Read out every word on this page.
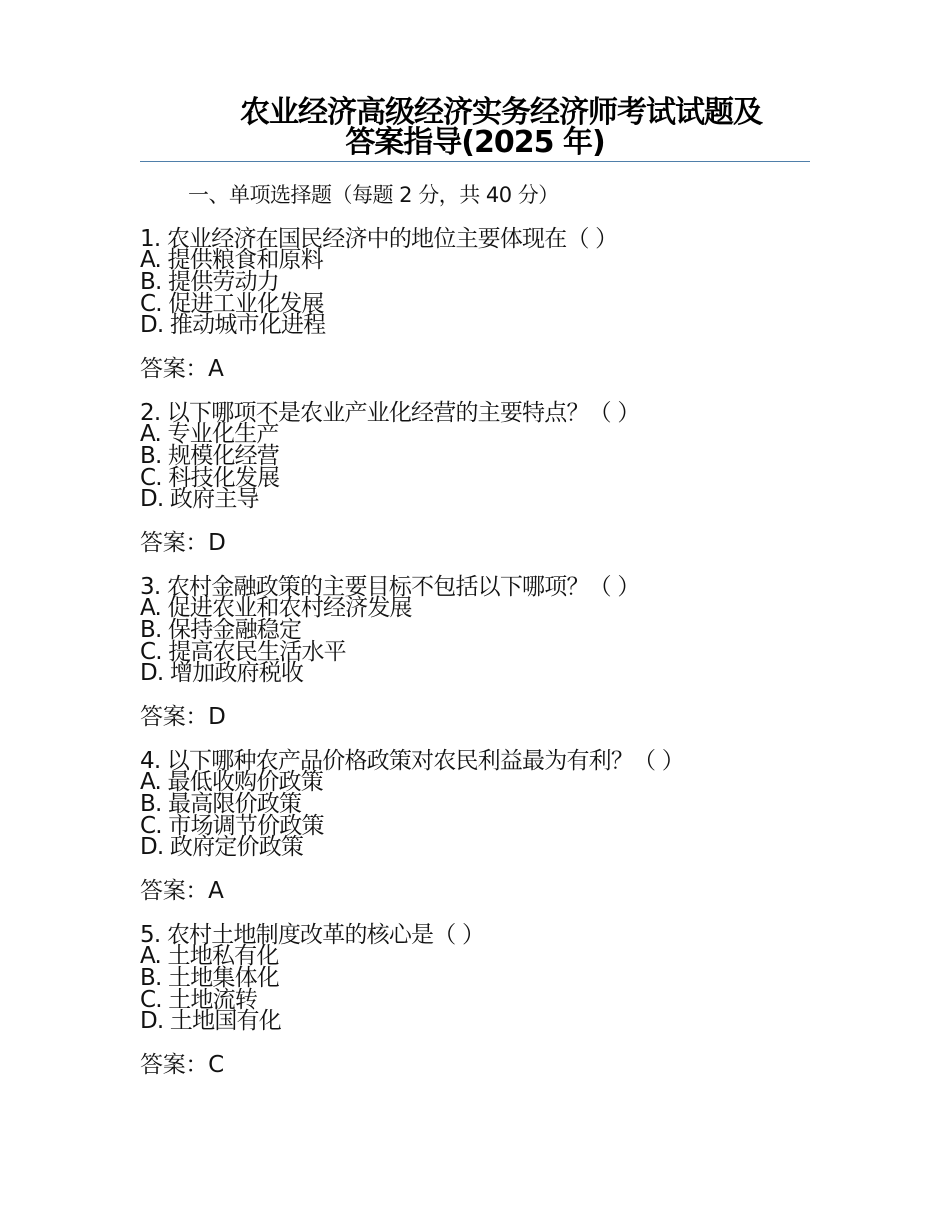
农业经济高级经济实务经济师考试试题及
答案指导(2025 年)
一、单项选择题（每题 2 分，共 40 分）
1. 农业经济在国民经济中的地位主要体现在（ ）
A. 提供粮食和原料
B. 提供劳动力
C. 促进工业化发展
D. 推动城市化进程
答案：A
2. 以下哪项不是农业产业化经营的主要特点？（ ）
A. 专业化生产
B. 规模化经营
C. 科技化发展
D. 政府主导
答案：D
3. 农村金融政策的主要目标不包括以下哪项？（ ）
A. 促进农业和农村经济发展
B. 保持金融稳定
C. 提高农民生活水平
D. 增加政府税收
答案：D
4. 以下哪种农产品价格政策对农民利益最为有利？（ ）
A. 最低收购价政策
B. 最高限价政策
C. 市场调节价政策
D. 政府定价政策
答案：A
5. 农村土地制度改革的核心是（ ）
A. 土地私有化
B. 土地集体化
C. 土地流转
D. 土地国有化
答案：C
